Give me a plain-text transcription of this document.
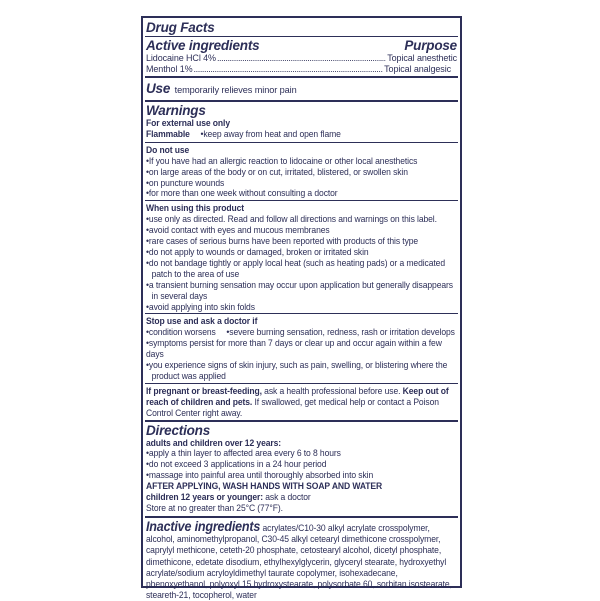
Drug Facts
Active ingredients	Purpose
Lidocaine HCl 4% .....	Topical anesthetic
Menthol 1% .....	Topical analgesic
Use temporarily relieves minor pain
Warnings
For external use only
Flammable • keep away from heat and open flame
Do not use
• If you have had an allergic reaction to lidocaine or other local anesthetics
• on large areas of the body or on cut, irritated, blistered, or swollen skin
• on puncture wounds
• for more than one week without consulting a doctor
When using this product
• use only as directed. Read and follow all directions and warnings on this label.
• avoid contact with eyes and mucous membranes
• rare cases of serious burns have been reported with products of this type
• do not apply to wounds or damaged, broken or irritated skin
• do not bandage tightly or apply local heat (such as heating pads) or a medicated patch to the area of use
• a transient burning sensation may occur upon application but generally disappears in several days
• avoid applying into skin folds
Stop use and ask a doctor if
• condition worsens • severe burning sensation, redness, rash or irritation develops
• symptoms persist for more than 7 days or clear up and occur again within a few days
• you experience signs of skin injury, such as pain, swelling, or blistering where the product was applied
If pregnant or breast-feeding, ask a health professional before use. Keep out of reach of children and pets. If swallowed, get medical help or contact a Poison Control Center right away.
Directions
adults and children over 12 years:
• apply a thin layer to affected area every 6 to 8 hours
• do not exceed 3 applications in a 24 hour period
• massage into painful area until thoroughly absorbed into skin
AFTER APPLYING, WASH HANDS WITH SOAP AND WATER
children 12 years or younger: ask a doctor
Store at no greater than 25°C (77°F).
Inactive ingredients acrylates/C10-30 alkyl acrylate crosspolymer, alcohol, aminomethylpropanol, C30-45 alkyl cetearyl dimethicone crosspolymer, caprylyl methicone, ceteth-20 phosphate, cetostearyl alcohol, dicetyl phosphate, dimethicone, edetate disodium, ethylhexylglycerin, glyceryl stearate, hydroxyethyl acrylate/sodium acryloyldimethyl taurate copolymer, isohexadecane, phenoxyethanol, polyoxyl 15 hydroxystearate, polysorbate 60, sorbitan isostearate, steareth-21, tocopherol, water
